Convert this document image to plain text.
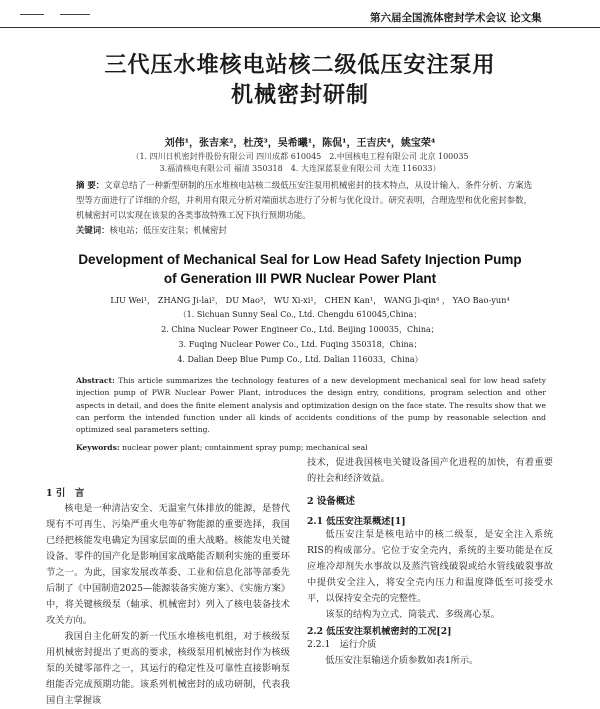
第六届全国流体密封学术会议 论文集
三代压水堆核电站核二级低压安注泵用
机械密封研制
刘伟¹，张吉来²，杜茂³，吴希曦¹，陈侃¹，王吉庆⁴，姚宝荣⁴
（1. 四川日机密封件股份有限公司 四川成都 610045　2.中国核电工程有限公司 北京 100035
3.福清核电有限公司 福清 350318　4. 大连深蓝泵业有限公司 大连 116033）
摘 要：文章总结了一种新型研制的压水堆核电站核二级低压安注泵用机械密封的技术特点，从设计输入、条件分析、方案选型等方面进行了详细的介绍，并利用有限元分析对端面状态进行了分析与优化设计。研究表明，合理选型和优化密封参数，机械密封可以实现在该泵的各类事故特殊工况下执行预期功能。
关键词：核电站；低压安注泵；机械密封
Development of Mechanical Seal for Low Head Safety Injection Pump
of Generation III PWR Nuclear Power Plant
LIU Wei¹， ZHANG Ji-lai²， DU Mao³， WU Xi-xi¹， CHEN Kan¹， WANG Ji-qin⁴ ， YAO Bao-yun⁴
（1. Sichuan Sunny Seal Co., Ltd. Chengdu 610045,China；
2. China Nuclear Power Engineer Co., Ltd. Beijing 100035，China；
3. Fuqing Nuclear Power Co., Ltd. Fuqing 350318，China；
4. Dalian Deep Blue Pump Co., Ltd. Dalian 116033，China）
Abstract: This article summarizes the technology features of a new development mechanical seal for low head safety injection pump of PWR Nuclear Power Plant, introduces the design entry, conditions, program selection and other aspects in detail, and does the finite element analysis and optimization design on the face state. The results show that we can perform the intended function under all kinds of accidents conditions of the pump by reasonable selection and optimized seal parameters setting.
Keywords: nuclear power plant; containment spray pump; mechanical seal
1 引　言
核电是一种清洁安全、无温室气体排放的能源，是替代现有不可再生、污染严重火电等矿物能源的重要选择，我国已经把核能发电确定为国家层面的重大战略。核能发电关键设备、零件的国产化是影响国家战略能否顺利实施的重要环节之一。为此，国家发展改革委、工业和信息化部等部委先后制了《中国制造2025—能源装备实施方案》、《实施方案》中，将关键核级泵（轴承、机械密封）列入了核电装备技术攻关方向。
我国自主化研发的新一代压水堆核电机组，对于核级泵用机械密封提出了更高的要求，核级泵用机械密封作为核级泵的关键零部件之一，其运行的稳定性及可靠性直接影响泵组能否完成预期功能。该系列机械密封的成功研制，代表我国自主掌握该
技术，促进我国核电关键设备国产化进程的加快，有着重要的社会和经济效益。
2 设备概述
2.1 低压安注泵概述[1]
低压安注泵是核电站中的核二级泵，是安全注入系统RIS的构成部分。它位于安全壳内，系统的主要功能是在反应堆冷却剂失水事故以及蒸汽管线破裂或给水管线破裂事故中提供安全注入，将安全壳内压力和温度降低至可接受水平，以保持安全壳的完整性。
该泵的结构为立式、筒装式、多级离心泵。
2.2 低压安注泵机械密封的工况[2]
2.2.1　运行介质
低压安注泵输送介质参数如表1所示。
